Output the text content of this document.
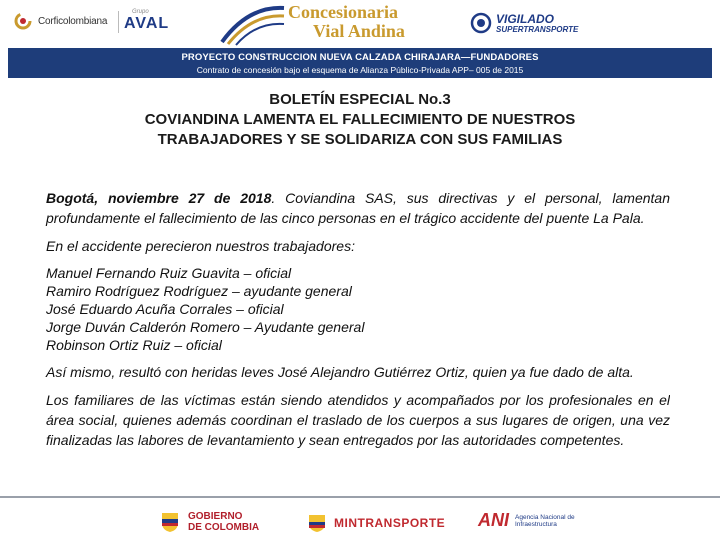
Corficolombiana
Grupo
AVAL
Concesionaria
Vial Andina
VIGILADO
SUPERTRANSPORTE
PROYECTO CONSTRUCCION NUEVA CALZADA CHIRAJARA—FUNDADORES
Contrato de concesión bajo el esquema de Alianza Público-Privada APP– 005 de 2015
BOLETÍN ESPECIAL No.3
COVIANDINA LAMENTA EL FALLECIMIENTO DE NUESTROS
TRABAJADORES Y SE SOLIDARIZA CON SUS FAMILIAS

Bogotá, noviembre 27 de 2018. Coviandina SAS, sus directivas y el personal, lamentan profundamente el fallecimiento de las cinco personas en el trágico accidente del puente La Pala.

En el accidente perecieron nuestros trabajadores:

Manuel Fernando Ruiz Guavita – oficial
Ramiro Rodríguez Rodríguez – ayudante general
José Eduardo Acuña Corrales – oficial
Jorge Duván Calderón Romero – Ayudante general
Robinson Ortiz Ruiz – oficial

Así mismo, resultó con heridas leves José Alejandro Gutiérrez Ortiz, quien ya fue dado de alta.

Los familiares de las víctimas están siendo atendidos y acompañados por los profesionales en el área social, quienes además coordinan el traslado de los cuerpos a sus lugares de origen, una vez finalizadas las labores de levantamiento y sean entregados por las autoridades competentes.

GOBIERNO
DE COLOMBIA	MINTRANSPORTE ANI Agencia Nacional de
Infraestructura
